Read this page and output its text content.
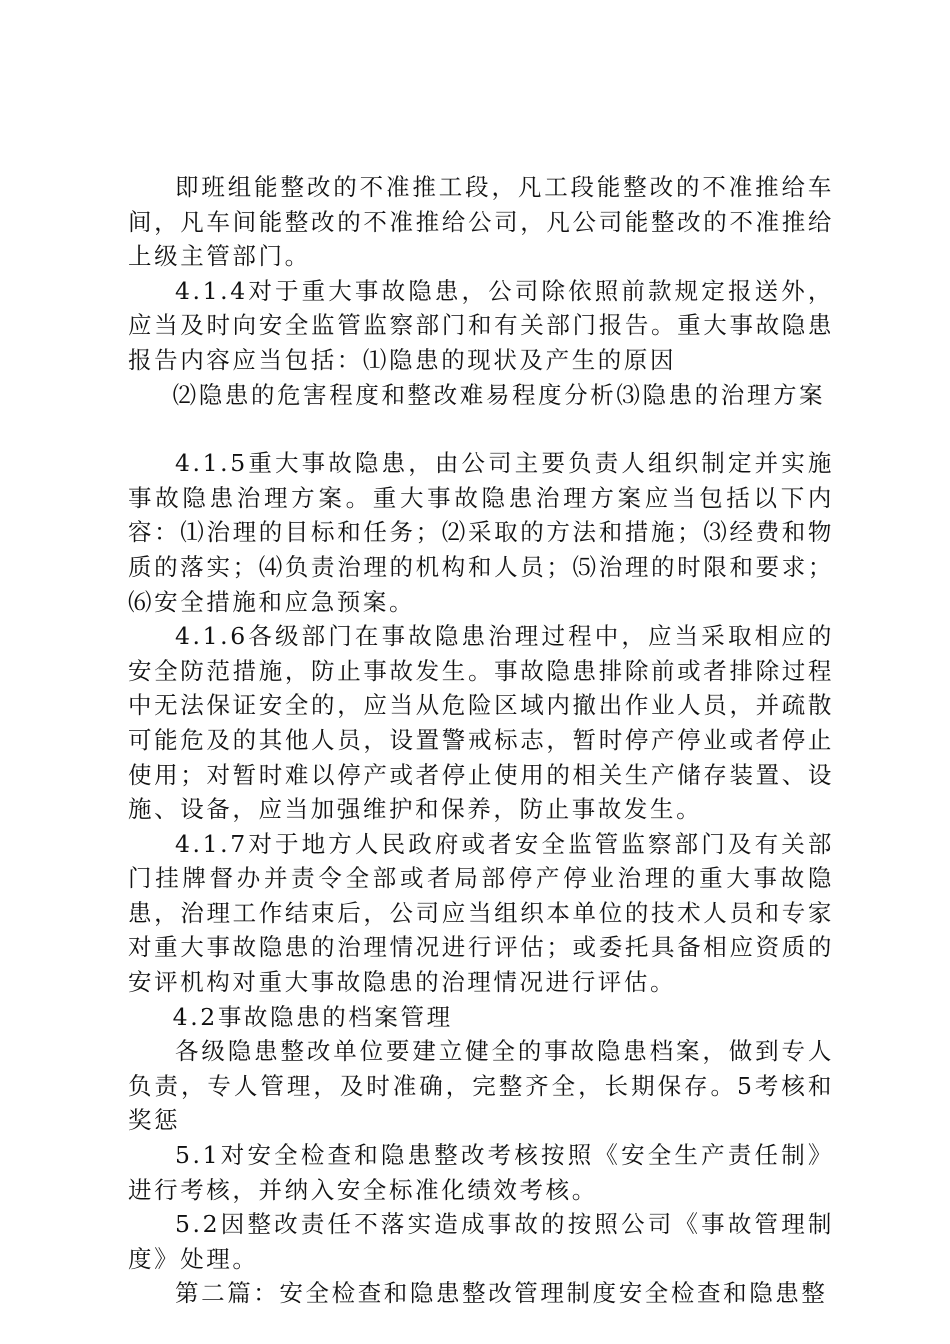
即班组能整改的不准推工段，凡工段能整改的不准推给车间，凡车间能整改的不准推给公司，凡公司能整改的不准推给上级主管部门。

4.1.4对于重大事故隐患，公司除依照前款规定报送外，应当及时向安全监管监察部门和有关部门报告。重大事故隐患报告内容应当包括：⑴隐患的现状及产生的原因

⑵隐患的危害程度和整改难易程度分析⑶隐患的治理方案

4.1.5重大事故隐患，由公司主要负责人组织制定并实施事故隐患治理方案。重大事故隐患治理方案应当包括以下内容：⑴治理的目标和任务；⑵采取的方法和措施；⑶经费和物质的落实；⑷负责治理的机构和人员；⑸治理的时限和要求；⑹安全措施和应急预案。

4.1.6各级部门在事故隐患治理过程中，应当采取相应的安全防范措施，防止事故发生。事故隐患排除前或者排除过程中无法保证安全的，应当从危险区域内撤出作业人员，并疏散可能危及的其他人员，设置警戒标志，暂时停产停业或者停止使用；对暂时难以停产或者停止使用的相关生产储存装置、设施、设备，应当加强维护和保养，防止事故发生。

4.1.7对于地方人民政府或者安全监管监察部门及有关部门挂牌督办并责令全部或者局部停产停业治理的重大事故隐患，治理工作结束后，公司应当组织本单位的技术人员和专家对重大事故隐患的治理情况进行评估；或委托具备相应资质的安评机构对重大事故隐患的治理情况进行评估。

4.2事故隐患的档案管理

各级隐患整改单位要建立健全的事故隐患档案，做到专人负责，专人管理，及时准确，完整齐全，长期保存。5考核和奖惩

5.1对安全检查和隐患整改考核按照《安全生产责任制》进行考核，并纳入安全标准化绩效考核。

5.2因整改责任不落实造成事故的按照公司《事故管理制度》处理。

第二篇：安全检查和隐患整改管理制度安全检查和隐患整
